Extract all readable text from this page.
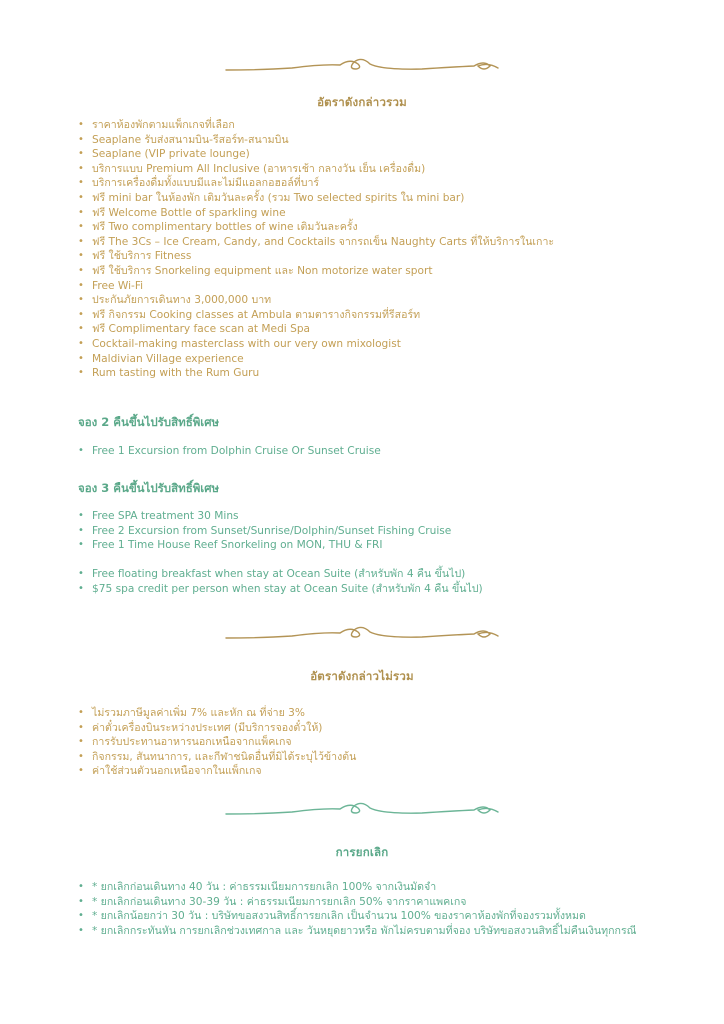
อัตราดังกล่าวรวม
• ราคาห้องพักตามแพ็กเกจที่เลือก
• Seaplane รับส่งสนามบิน-รีสอร์ท-สนามบิน
• Seaplane (VIP private lounge)
• บริการแบบ Premium All Inclusive (อาหารเช้า กลางวัน เย็น เครื่องดื่ม)
• บริการเครื่องดื่มทั้งแบบมีและไม่มีแอลกอฮอล์ที่บาร์
• ฟรี mini bar ในห้องพัก เติมวันละครั้ง (รวม Two selected spirits ใน mini bar)
• ฟรี Welcome Bottle of sparkling wine
• ฟรี Two complimentary bottles of wine เติมวันละครั้ง
• ฟรี The 3Cs – Ice Cream, Candy, and Cocktails จากรถเข็น Naughty Carts ที่ให้บริการในเกาะ
• ฟรี ใช้บริการ Fitness
• ฟรี ใช้บริการ Snorkeling equipment และ Non motorize water sport
• Free Wi-Fi
• ประกันภัยการเดินทาง 3,000,000 บาท
• ฟรี กิจกรรม Cooking classes at Ambula ตามตารางกิจกรรมที่รีสอร์ท
• ฟรี Complimentary face scan at Medi Spa
• Cocktail-making masterclass with our very own mixologist
• Maldivian Village experience
• Rum tasting with the Rum Guru
จอง 2 คืนขึ้นไปรับสิทธิ์พิเศษ
• Free 1 Excursion from Dolphin Cruise Or Sunset Cruise
จอง 3 คืนขึ้นไปรับสิทธิ์พิเศษ
• Free SPA treatment 30 Mins
• Free 2 Excursion from Sunset/Sunrise/Dolphin/Sunset Fishing Cruise
• Free 1 Time House Reef Snorkeling on MON, THU & FRI
• Free floating breakfast when stay at Ocean Suite (สำหรับพัก 4 คืน ขึ้นไป)
• $75 spa credit per person when stay at Ocean Suite (สำหรับพัก 4 คืน ขึ้นไป)
อัตราดังกล่าวไม่รวม
• ไม่รวมภาษีมูลค่าเพิ่ม 7% และหัก ณ ที่จ่าย 3%
• ค่าตั๋วเครื่องบินระหว่างประเทศ (มีบริการจองตั๋วให้)
• การรับประทานอาหารนอกเหนือจากแพ็คเกจ
• กิจกรรม, สันทนาการ, และกีฬาชนิดอื่นที่มิได้ระบุไว้ข้างต้น
• ค่าใช้ส่วนตัวนอกเหนือจากในแพ็กเกจ
การยกเลิก
• * ยกเลิกก่อนเดินทาง 40 วัน : ค่าธรรมเนียมการยกเลิก 100% จากเงินมัดจำ
• * ยกเลิกก่อนเดินทาง 30-39 วัน : ค่าธรรมเนียมการยกเลิก 50% จากราคาแพคเกจ
• * ยกเลิกน้อยกว่า 30 วัน : บริษัทขอสงวนสิทธิ์การยกเลิก เป็นจำนวน 100% ของราคาห้องพักที่จองรวมทั้งหมด
• * ยกเลิกกระทันหัน การยกเลิกช่วงเทศกาล และ วันหยุดยาวหรือ พักไม่ครบตามที่จอง บริษัทขอสงวนสิทธิ์ไม่คืนเงินทุกกรณี
